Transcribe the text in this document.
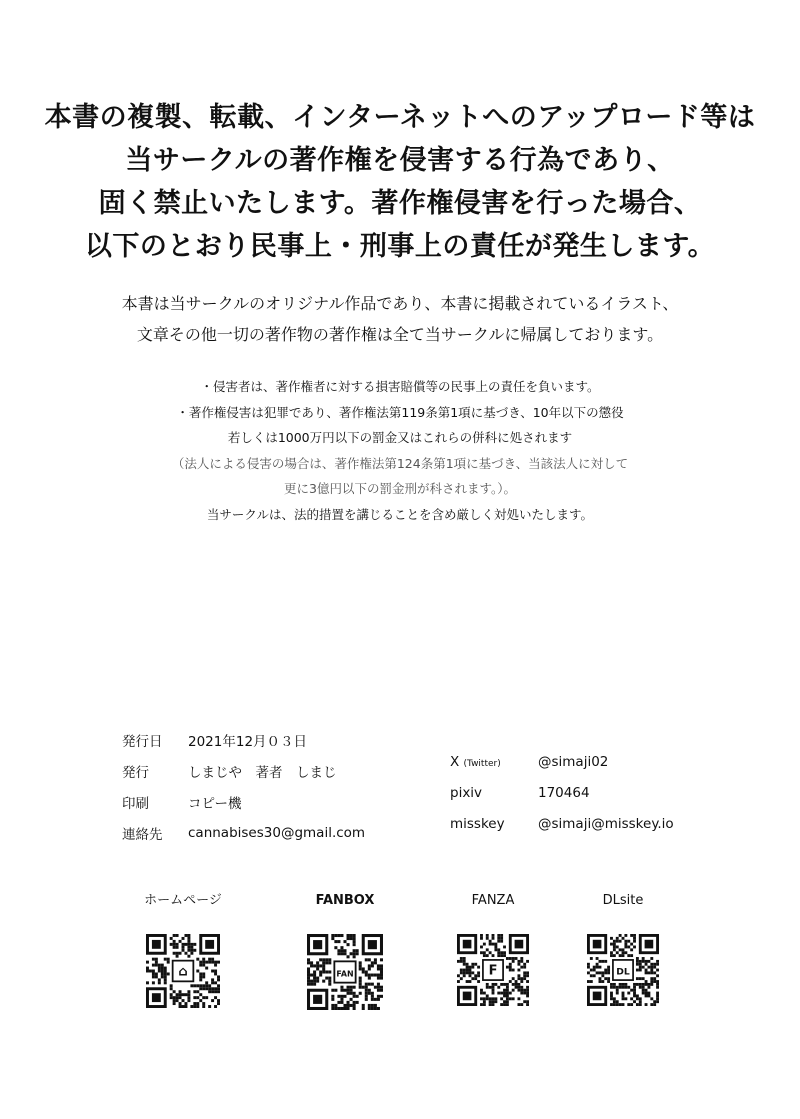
本書の複製、転載、インターネットへのアップロード等は
当サークルの著作権を侵害する行為であり、
固く禁止いたします。著作権侵害を行った場合、
以下のとおり民事上・刑事上の責任が発生します。
本書は当サークルのオリジナル作品であり、本書に掲載されているイラスト、
文章その他一切の著作物の著作権は全て当サークルに帰属しております。
・侵害者は、著作権者に対する損害賠償等の民事上の責任を負います。
・著作権侵害は犯罪であり、著作権法第119条第1項に基づき、10年以下の懲役
若しくは1000万円以下の罰金又はこれらの併科に処されます
（法人による侵害の場合は、著作権法第124条第1項に基づき、当該法人に対して
更に3億円以下の罰金刑が科されます。）。
当サークルは、法的措置を講じることを含め厳しく対処いたします。
発行日	2021年12月０３日
発行	しまじや　著者　しまじ
印刷	コピー機
連絡先	cannabises30@gmail.com
X (Twitter)	@simaji02
pixiv	170464
misskey	@simaji@misskey.io
ホームページ
⌂
FANBOX
FAN
FANZA
F
DLsite
DL
